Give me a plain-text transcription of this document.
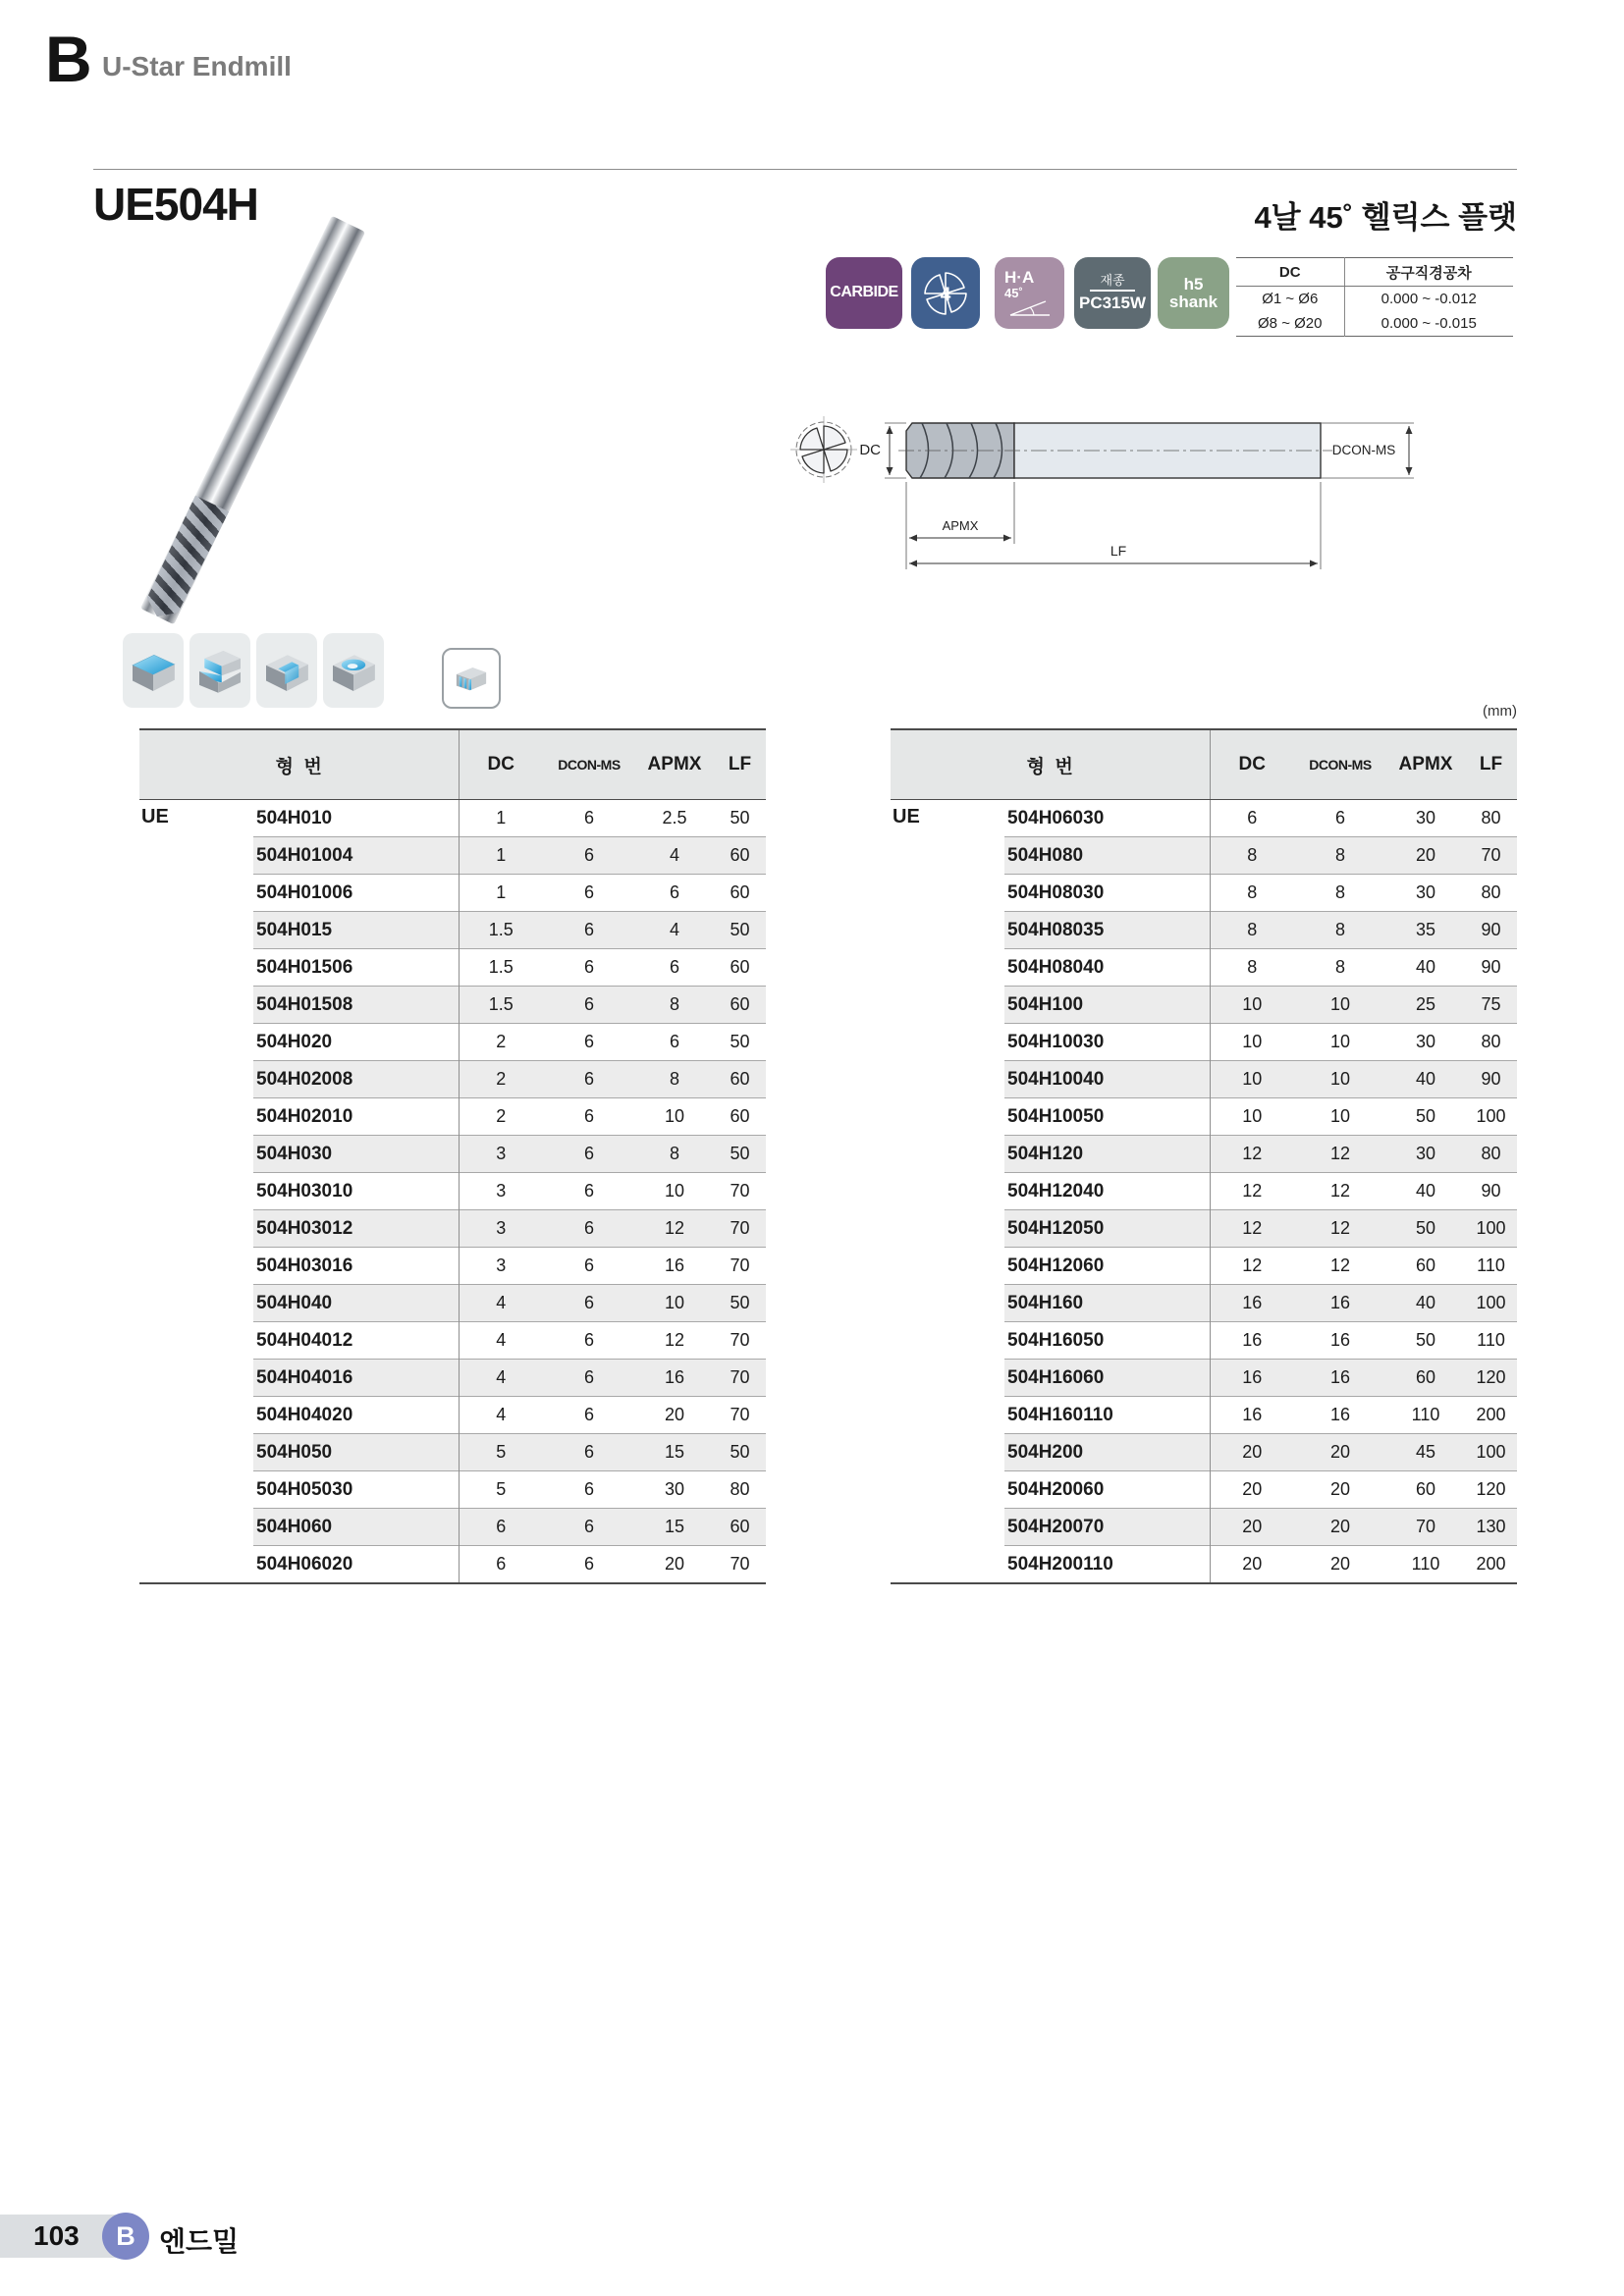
B U-Star Endmill
UE504H	4날 45˚ 헬릭스 플랫
CARBIDE 4
H·A
45˚
재종
PC315W
h5
shank
DC	공구직경공차
Ø1 ~ Ø6	0.000 ~ -0.012
Ø8 ~ Ø20	0.000 ~ -0.015
DC	DCON-MS
APMX
LF
(mm)
형  번		DC	DCON-MS	APMX	LF
UE	504H010	1	6	2.5	50
	504H01004	1	6	4	60
	504H01006	1	6	6	60
	504H015	1.5	6	4	50
	504H01506	1.5	6	6	60
	504H01508	1.5	6	8	60
	504H020	2	6	6	50
	504H02008	2	6	8	60
	504H02010	2	6	10	60
	504H030	3	6	8	50
	504H03010	3	6	10	70
	504H03012	3	6	12	70
	504H03016	3	6	16	70
	504H040	4	6	10	50
	504H04012	4	6	12	70
	504H04016	4	6	16	70
	504H04020	4	6	20	70
	504H050	5	6	15	50
	504H05030	5	6	30	80
	504H060	6	6	15	60
	504H06020	6	6	20	70
형  번		DC	DCON-MS	APMX	LF
UE	504H06030	6	6	30	80
	504H080	8	8	20	70
	504H08030	8	8	30	80
	504H08035	8	8	35	90
	504H08040	8	8	40	90
	504H100	10	10	25	75
	504H10030	10	10	30	80
	504H10040	10	10	40	90
	504H10050	10	10	50	100
	504H120	12	12	30	80
	504H12040	12	12	40	90
	504H12050	12	12	50	100
	504H12060	12	12	60	110
	504H160	16	16	40	100
	504H16050	16	16	50	110
	504H16060	16	16	60	120
	504H160110	16	16	110	200
	504H200	20	20	45	100
	504H20060	20	20	60	120
	504H20070	20	20	70	130
	504H200110	20	20	110	200
103	B 엔드밀
